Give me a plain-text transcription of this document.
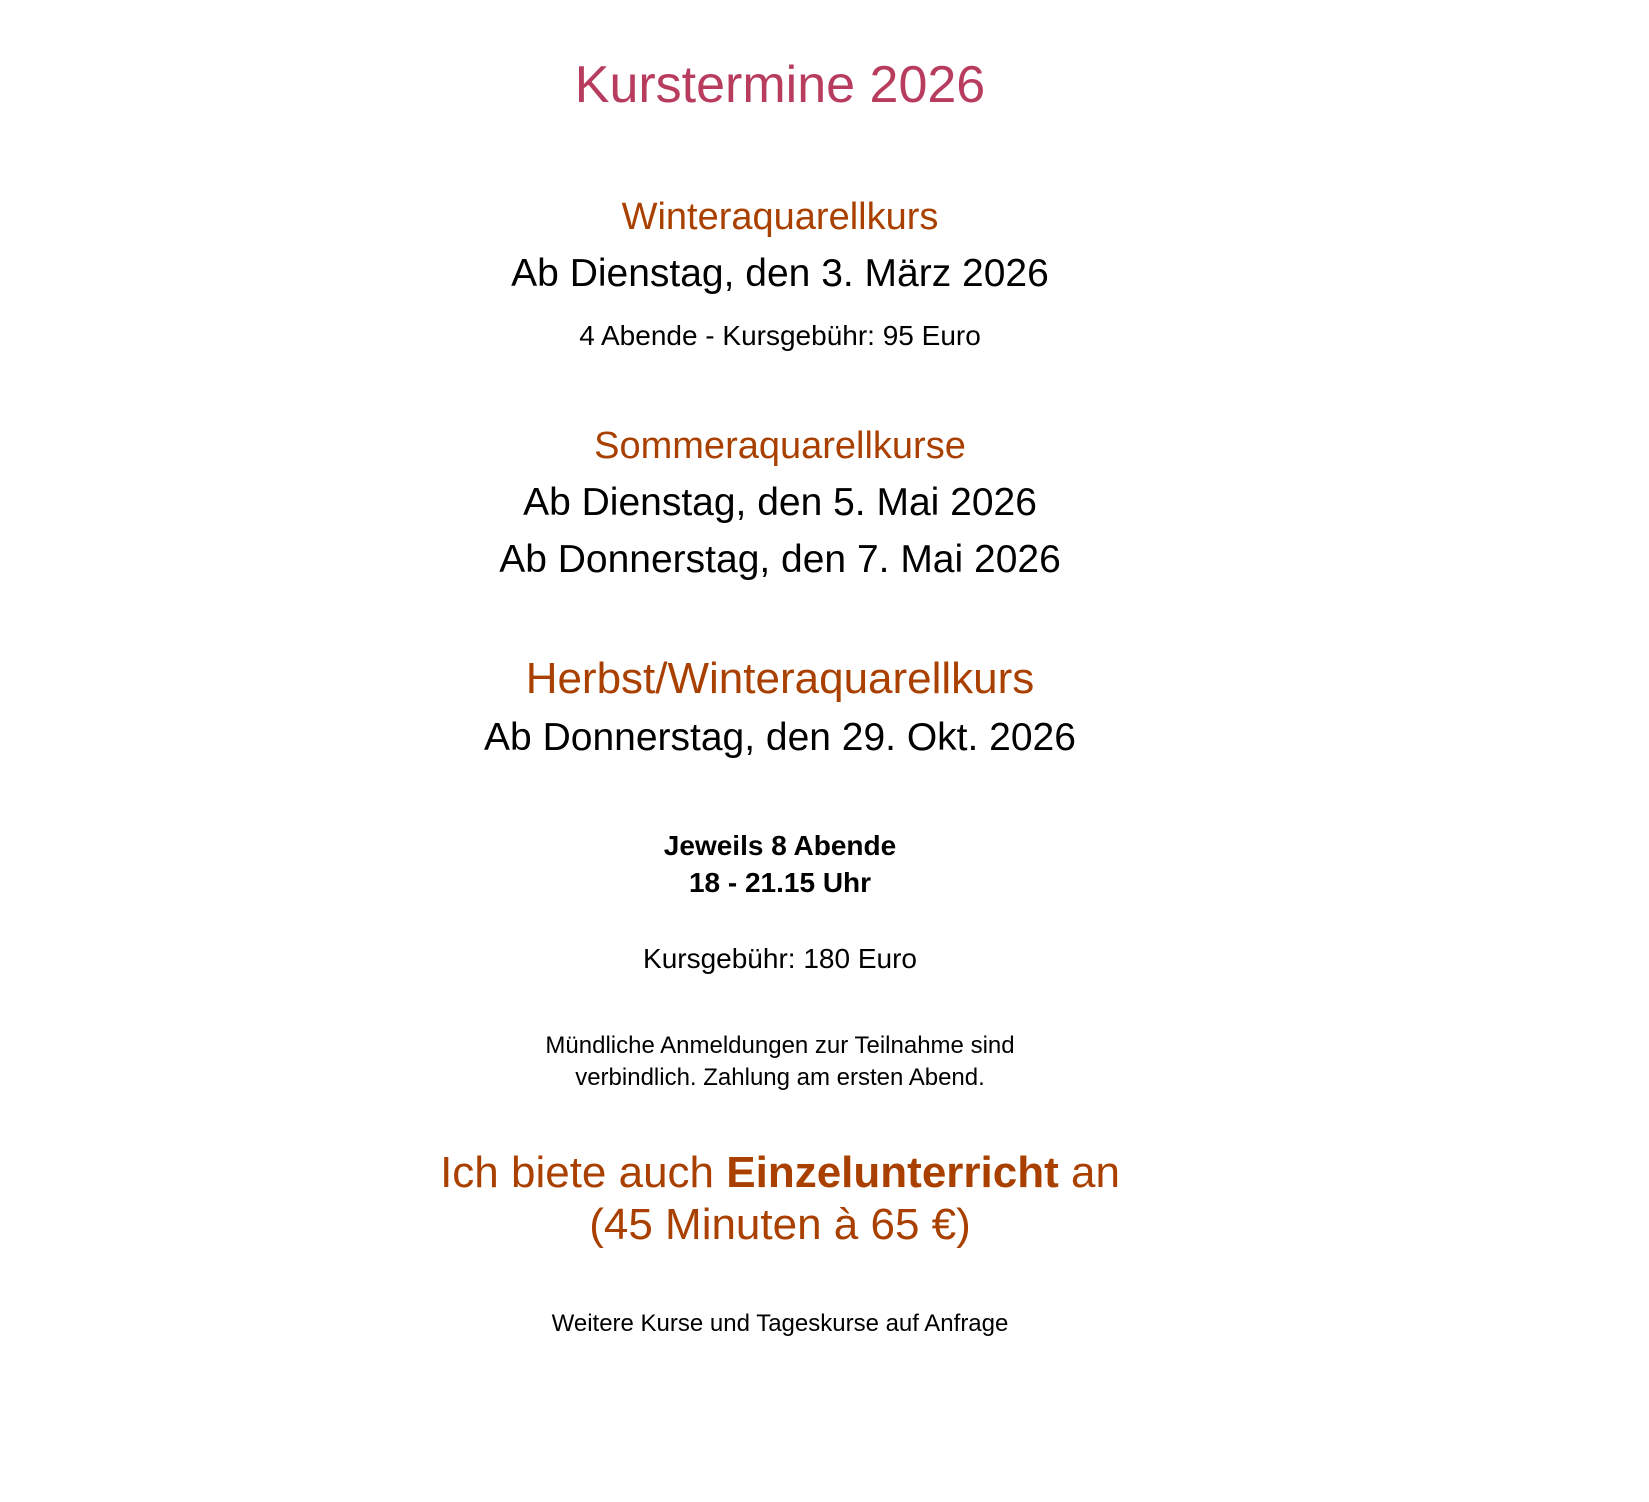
Kurstermine 2026
Winteraquarellkurs
Ab Dienstag, den 3. März 2026
4 Abende - Kursgebühr: 95 Euro
Sommeraquarellkurse
Ab Dienstag, den 5. Mai 2026
Ab Donnerstag, den 7. Mai 2026
Herbst/Winteraquarellkurs
Ab Donnerstag, den 29. Okt. 2026
Jeweils 8 Abende
18 - 21.15 Uhr
Kursgebühr: 180 Euro
Mündliche Anmeldungen zur Teilnahme sind
verbindlich. Zahlung am ersten Abend.
Ich biete auch Einzelunterricht an
(45 Minuten à 65 €)
Weitere Kurse und Tageskurse auf Anfrage
